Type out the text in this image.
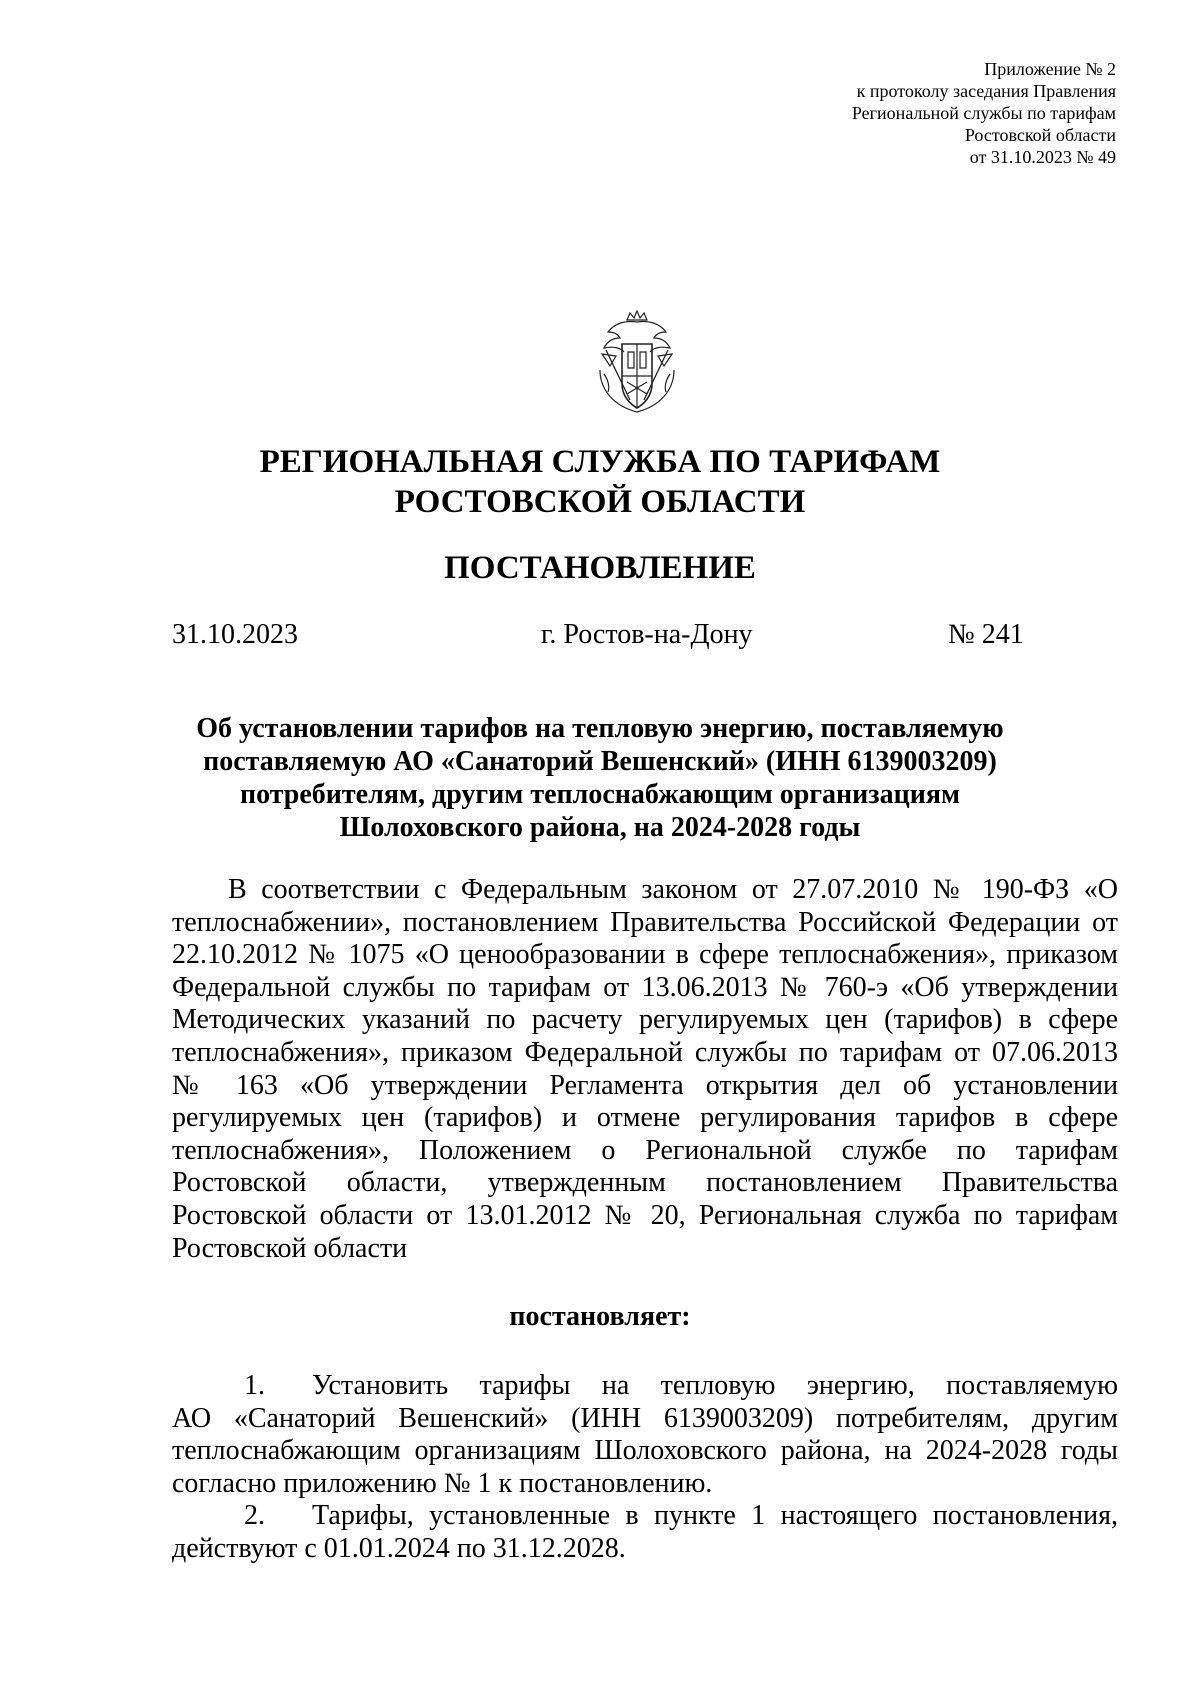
Приложение № 2
к протоколу заседания Правления
Региональной службы по тарифам
Ростовской области
от 31.10.2023 № 49
РЕГИОНАЛЬНАЯ СЛУЖБА ПО ТАРИФАМ
РОСТОВСКОЙ ОБЛАСТИ
ПОСТАНОВЛЕНИЕ
31.10.2023	г. Ростов-на-Дону	№ 241
Об установлении тарифов на тепловую энергию, поставляемую
поставляемую АО «Санаторий Вешенский» (ИНН 6139003209)
потребителям, другим теплоснабжающим организациям
Шолоховского района, на 2024-2028 годы
В соответствии с Федеральным законом от 27.07.2010 № 190-ФЗ «О
теплоснабжении», постановлением Правительства Российской Федерации от
22.10.2012 № 1075 «О ценообразовании в сфере теплоснабжения», приказом
Федеральной службы по тарифам от 13.06.2013 № 760-э «Об утверждении
Методических указаний по расчету регулируемых цен (тарифов) в сфере
теплоснабжения», приказом Федеральной службы по тарифам от 07.06.2013
№ 163 «Об утверждении Регламента открытия дел об установлении
регулируемых цен (тарифов) и отмене регулирования тарифов в сфере
теплоснабжения», Положением о Региональной службе по тарифам
Ростовской области, утвержденным постановлением Правительства
Ростовской области от 13.01.2012 № 20, Региональная служба по тарифам
Ростовской области
постановляет:
1. Установить тарифы на тепловую энергию, поставляемую
АО «Санаторий Вешенский» (ИНН 6139003209) потребителям, другим
теплоснабжающим организациям Шолоховского района, на 2024-2028 годы
согласно приложению № 1 к постановлению.
2. Тарифы, установленные в пункте 1 настоящего постановления,
действуют с 01.01.2024 по 31.12.2028.
